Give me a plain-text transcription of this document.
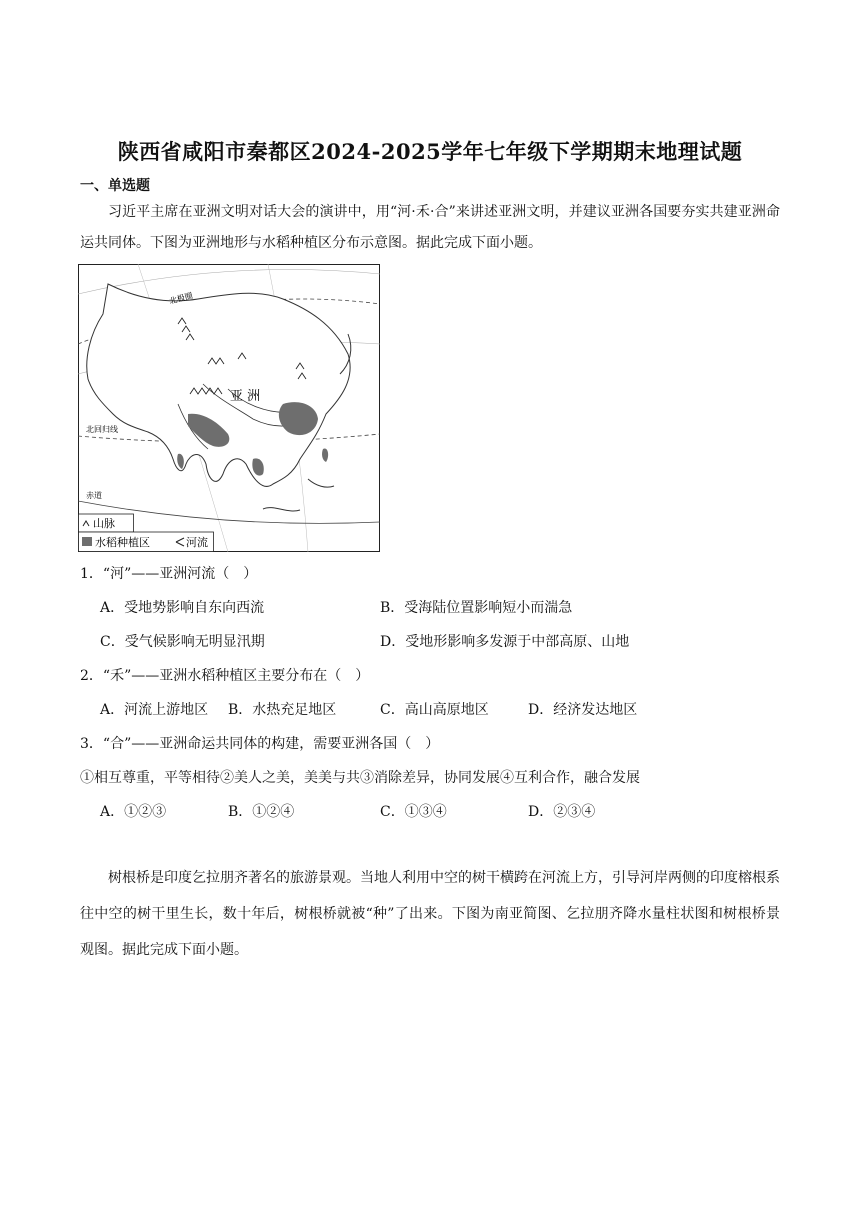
陕西省咸阳市秦都区2024-2025学年七年级下学期期末地理试题
一、单选题
习近平主席在亚洲文明对话大会的演讲中，用“河·禾·合”来讲述亚洲文明，并建议亚洲各国要夯实共建亚洲命运共同体。下图为亚洲地形与水稻种植区分布示意图。据此完成下面小题。
亚 洲
北极圈
北回归线
赤道
山脉
水稻种植区	河流
1．“河”——亚洲河流（　）
A．受地势影响自东向西流	B．受海陆位置影响短小而湍急
C．受气候影响无明显汛期	D．受地形影响多发源于中部高原、山地
2．“禾”——亚洲水稻种植区主要分布在（　）
A．河流上游地区 B．水热充足地区	C．高山高原地区	D．经济发达地区
3．“合”——亚洲命运共同体的构建，需要亚洲各国（　）
①相互尊重，平等相待②美人之美，美美与共③消除差异，协同发展④互利合作，融合发展
A．①②③	B．①②④	C．①③④	D．②③④
树根桥是印度乞拉朋齐著名的旅游景观。当地人利用中空的树干横跨在河流上方，引导河岸两侧的印度榕根系往中空的树干里生长，数十年后，树根桥就被“种”了出来。下图为南亚简图、乞拉朋齐降水量柱状图和树根桥景观图。据此完成下面小题。
